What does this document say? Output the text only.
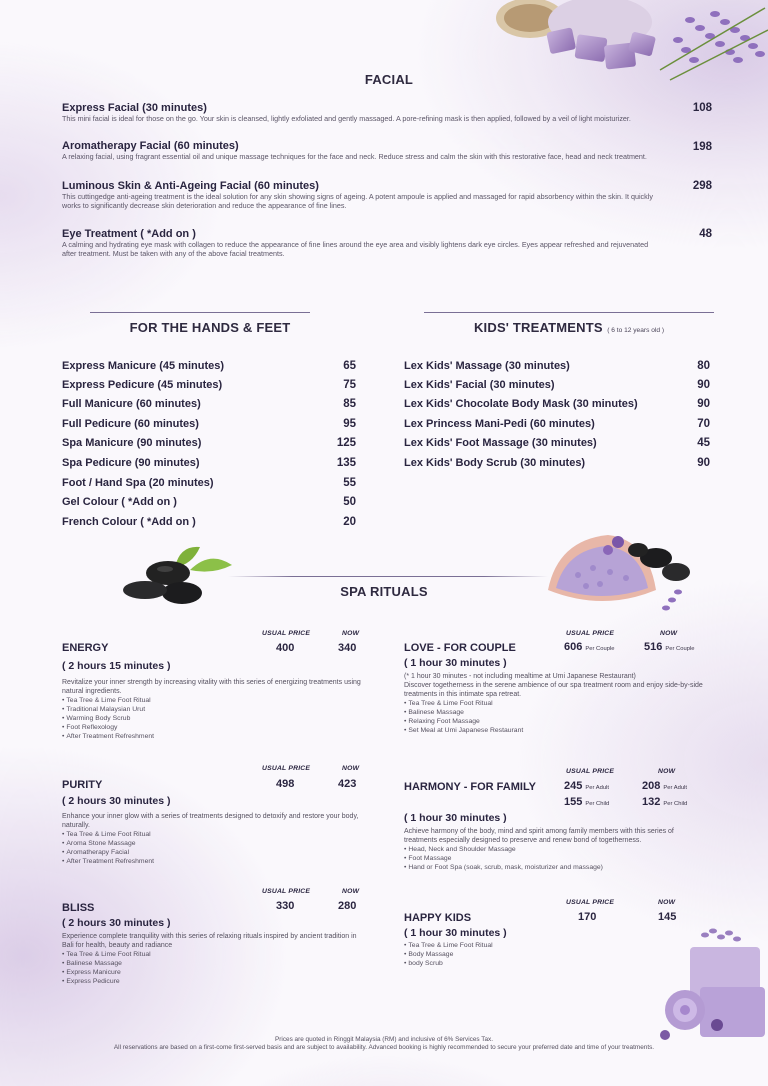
FACIAL
Express Facial (30 minutes)
This mini facial is ideal for those on the go. Your skin is cleansed, lightly exfoliated and gently massaged. A pore-refining mask is then applied, followed by a veil of light moisturizer.
108
Aromatherapy Facial (60 minutes)
A relaxing facial, using fragrant essential oil and unique massage techniques for the face and neck. Reduce stress and calm the skin with this restorative face, head and neck treatment.
198
Luminous Skin & Anti-Ageing Facial (60 minutes)
This cuttingedge anti-ageing treatment is the ideal solution for any skin showing signs of ageing. A potent ampoule is applied and massaged for rapid absorbency within the skin. It quickly works to significantly decrease skin deterioration and reduce the appearance of fine lines.
298
Eye Treatment ( *Add on )
A calming and hydrating eye mask with collagen to reduce the appearance of fine lines around the eye area and visibly lightens dark eye circles. Eyes appear refreshed and rejuvenated after treatment. Must be taken with any of the above facial treatments.
48
FOR THE HANDS & FEET
Express Manicure (45 minutes)	65
Express Pedicure (45 minutes)	75
Full Manicure (60 minutes)	85
Full Pedicure (60 minutes)	95
Spa Manicure (90 minutes)	125
Spa Pedicure (90 minutes)	135
Foot / Hand Spa (20 minutes)	55
Gel Colour ( *Add on )	50
French Colour ( *Add on )	20
KIDS' TREATMENTS ( 6 to 12 years old )
Lex Kids' Massage (30 minutes)	80
Lex Kids' Facial (30 minutes)	90
Lex Kids' Chocolate Body Mask (30 minutes)	90
Lex Princess Mani-Pedi (60 minutes)	70
Lex Kids' Foot Massage (30 minutes)	45
Lex Kids' Body Scrub (30 minutes)	90
SPA RITUALS
USUAL PRICE	NOW
ENERGY	400	340
( 2 hours 15 minutes )
Revitalize your inner strength by increasing vitality with this series of energizing treatments using natural ingredients.
• Tea Tree & Lime Foot Ritual
• Traditional Malaysian Urut
• Warming Body Scrub
• Foot Reflexology
• After Treatment Refreshment
USUAL PRICE	NOW
PURITY	498	423
( 2 hours 30 minutes )
Enhance your inner glow with a series of treatments designed to detoxify and restore your body, naturally.
• Tea Tree & Lime Foot Ritual
• Aroma Stone Massage
• Aromatherapy Facial
• After Treatment Refreshment
USUAL PRICE	NOW
BLISS	330	280
( 2 hours 30 minutes )
Experience complete tranquility with this series of relaxing rituals inspired by ancient tradition in Bali for health, beauty and radiance
• Tea Tree & Lime Foot Ritual
• Balinese Massage
• Express Manicure
• Express Pedicure
USUAL PRICE	NOW
LOVE - FOR COUPLE	606 Per Couple	516 Per Couple
( 1 hour 30 minutes )
(* 1 hour 30 minutes - not including mealtime at Umi Japanese Restaurant)
Discover togetherness in the serene ambience of our spa treatment room and enjoy side-by-side treatments in this intimate spa retreat.
• Tea Tree & Lime Foot Ritual
• Balinese Massage
• Relaxing Foot Massage
• Set Meal at Umi Japanese Restaurant
USUAL PRICE	NOW
HARMONY - FOR FAMILY	245 Per Adult	208 Per Adult
155 Per Child	132 Per Child
( 1 hour 30 minutes )
Achieve harmony of the body, mind and spirit among family members with this series of treatments especially designed to preserve and renew bond of togetherness.
• Head, Neck and Shoulder Massage
• Foot Massage
• Hand or Foot Spa (soak, scrub, mask, moisturizer and massage)
USUAL PRICE	NOW
HAPPY KIDS	170	145
( 1 hour 30 minutes )
• Tea Tree & Lime Foot Ritual
• Body Massage
• body Scrub
Prices are quoted in Ringgit Malaysia (RM) and inclusive of 6% Services Tax.
All reservations are based on a first-come first-served basis and are subject to availability. Advanced booking is highly recommended to secure your preferred date and time of your treatments.
